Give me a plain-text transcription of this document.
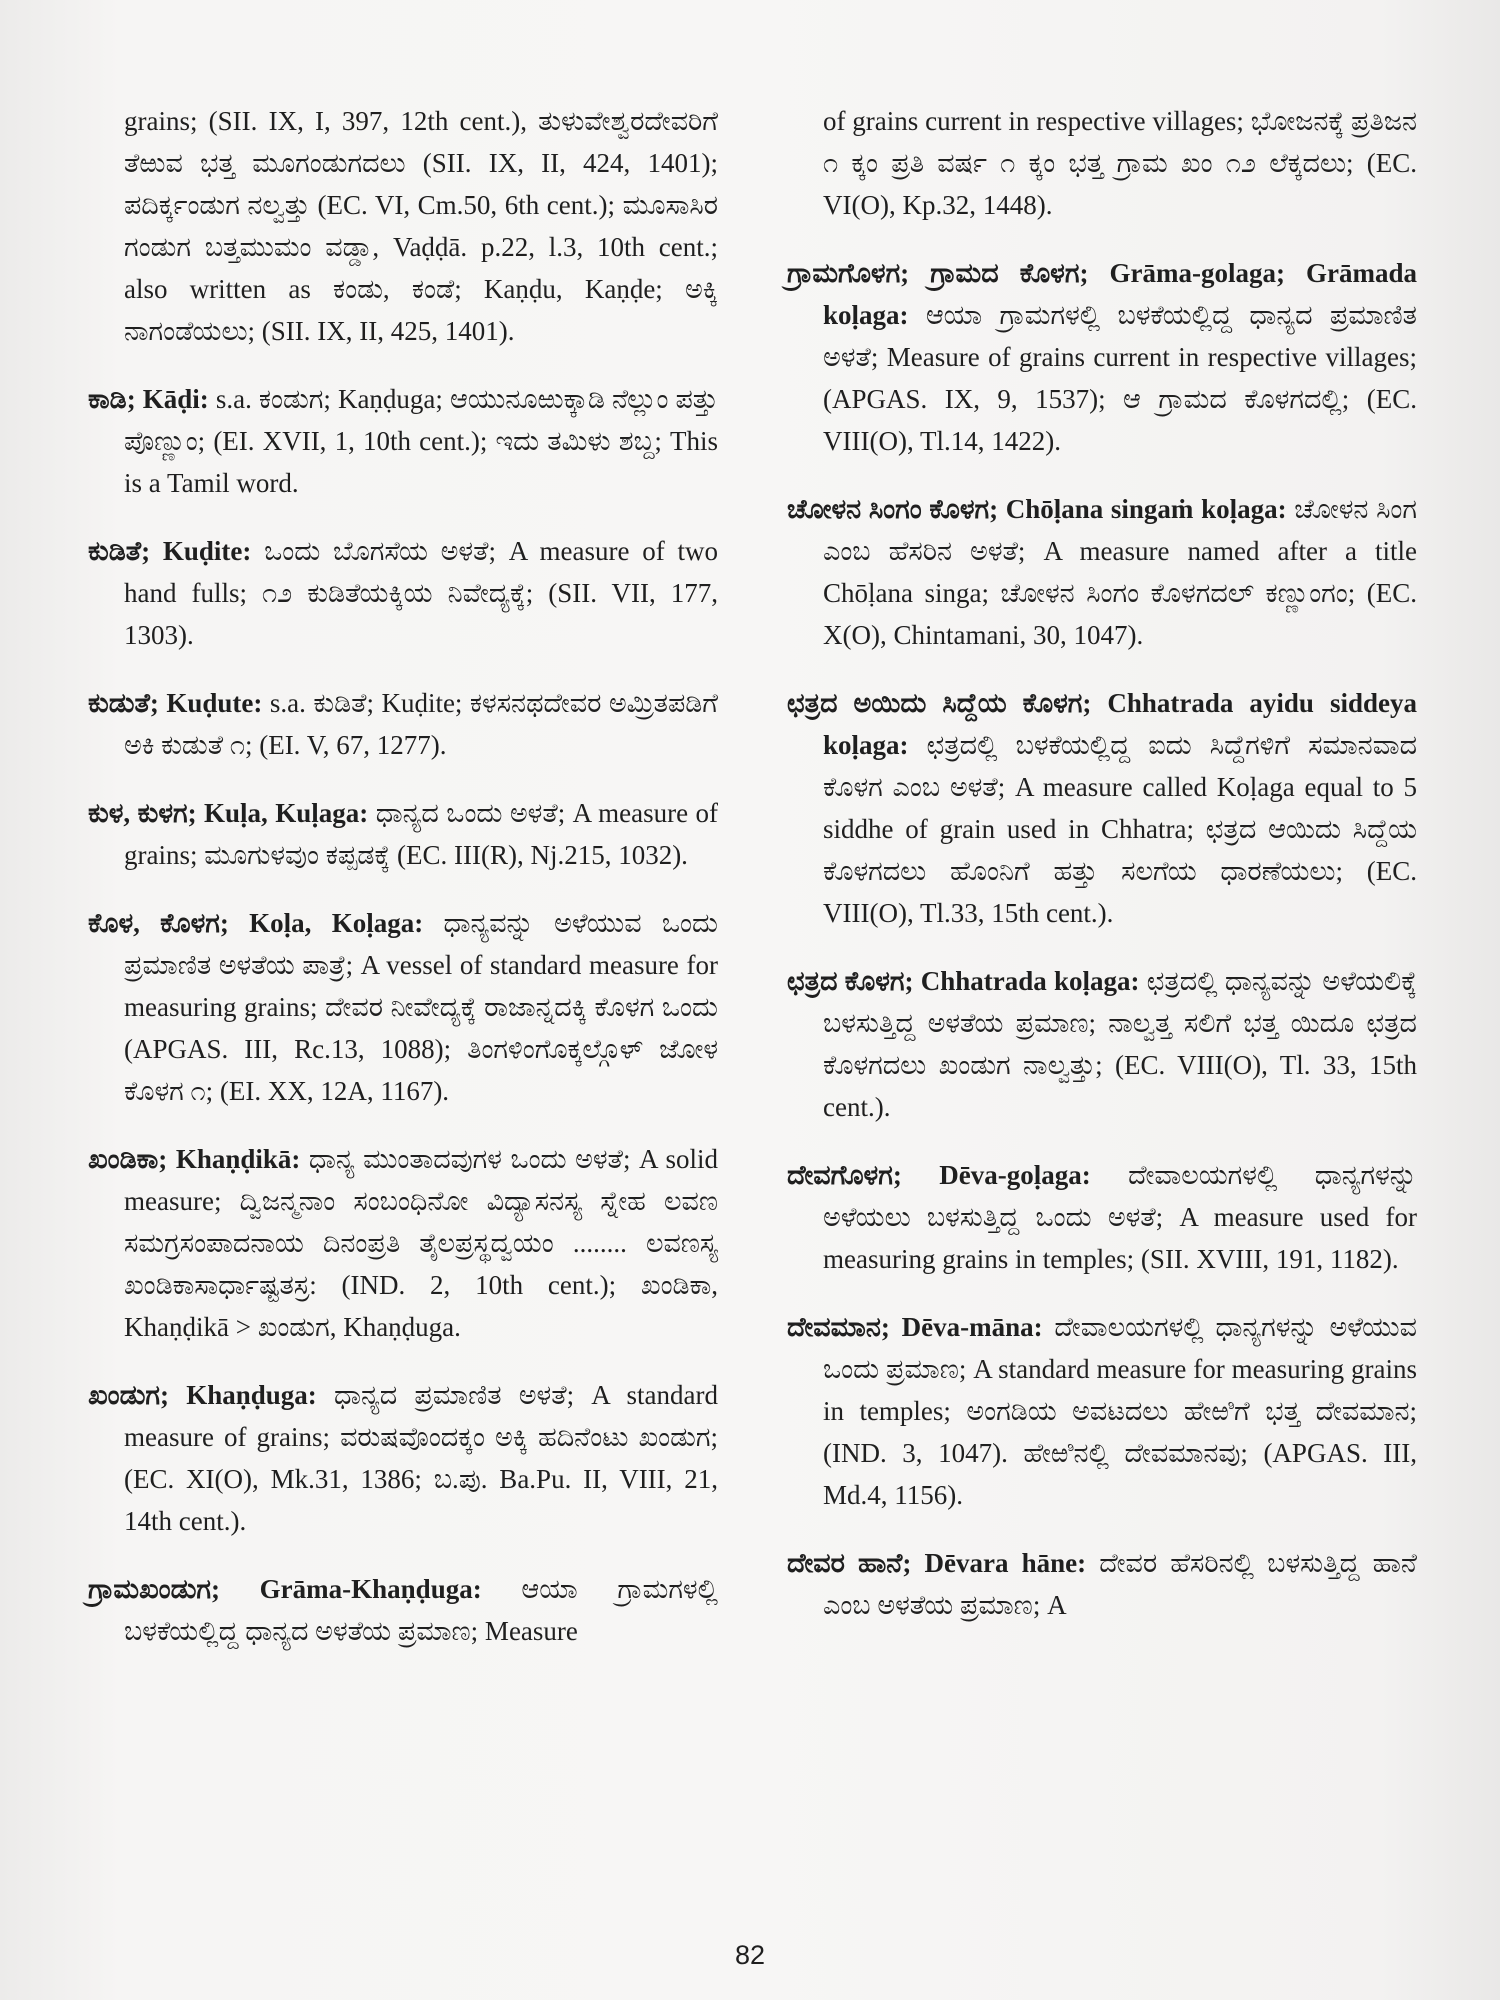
grains; (SII. IX, I, 397, 12th cent.), ತುಳುವೇಶ್ವರದೇವರಿಗೆ ತೆಱುವ ಭತ್ತ ಮೂಗಂಡುಗದಲು (SII. IX, II, 424, 1401); ಪದಿರ್ಕ್ಕಂಡುಗ ನಲ್ವತ್ತು (EC. VI, Cm.50, 6th cent.); ಮೂಸಾಸಿರ ಗಂಡುಗ ಬತ್ತಮುಮಂ ವಡ್ಡಾ, Vaḍḍā. p.22, l.3, 10th cent.; also written as ಕಂಡು, ಕಂಡೆ; Kaṇḍu, Kaṇḍe; ಅಕ್ಕಿ ನಾಗಂಡೆಯಲು; (SII. IX, II, 425, 1401).

ಕಾಡಿ; Kāḍi: s.a. ಕಂಡುಗ; Kaṇḍuga; ಆಯುನೂಱುಕ್ಕಾಡಿ ನೆಲ್ಲುಂ ಪತ್ತು ಪೊಣ್ಣುಂ; (EI. XVII, 1, 10th cent.); ಇದು ತಮಿಳು ಶಬ್ದ; This is a Tamil word.

ಕುಡಿತೆ; Kuḍite: ಒಂದು ಬೊಗಸೆಯ ಅಳತೆ; A measure of two hand fulls; ೧೨ ಕುಡಿತೆಯಕ್ಕಿಯ ನಿವೇದ್ಯಕ್ಕೆ; (SII. VII, 177, 1303).

ಕುಡುತೆ; Kuḍute: s.a. ಕುಡಿತೆ; Kuḍite; ಕಳಸನಥದೇವರ ಅಮ್ರಿತಪಡಿಗೆ ಅಕಿ ಕುಡುತೆ ೧; (EI. V, 67, 1277).

ಕುಳ, ಕುಳಗ; Kuḷa, Kuḷaga: ಧಾನ್ಯದ ಒಂದು ಅಳತೆ; A measure of grains; ಮೂಗುಳವುಂ ಕಪ್ಪಡಕ್ಕೆ (EC. III(R), Nj.215, 1032).

ಕೊಳ, ಕೊಳಗ; Koḷa, Koḷaga: ಧಾನ್ಯವನ್ನು ಅಳೆಯುವ ಒಂದು ಪ್ರಮಾಣಿತ ಅಳತೆಯ ಪಾತ್ರೆ; A vessel of standard measure for measuring grains; ದೇವರ ನೀವೇದ್ಯಕ್ಕೆ ರಾಜಾನ್ನದಕ್ಕಿ ಕೊಳಗ ಒಂದು (APGAS. III, Rc.13, 1088); ತಿಂಗಳಿಂಗೊಕ್ಕಲ್ಗೊಳ್ ಜೋಳ ಕೊಳಗ ೧; (EI. XX, 12A, 1167).

ಖಂಡಿಕಾ; Khaṇḍikā: ಧಾನ್ಯ ಮುಂತಾದವುಗಳ ಒಂದು ಅಳತೆ; A solid measure; ದ್ವಿಜನ್ಮನಾಂ ಸಂಬಂಧಿನೋ ವಿದ್ಯಾಸನಸ್ಯ ಸ್ನೇಹ ಲವಣ ಸಮಗ್ರಸಂಪಾದನಾಯ ದಿನಂಪ್ರತಿ ತೈಲಪ್ರಸ್ಥದ್ವಯಂ ........ ಲವಣಸ್ಯ ಖಂಡಿಕಾಸಾರ್ಧಾಷ್ಟತಸ್ರ: (IND. 2, 10th cent.); ಖಂಡಿಕಾ, Khaṇḍikā > ಖಂಡುಗ, Khaṇḍuga.

ಖಂಡುಗ; Khaṇḍuga: ಧಾನ್ಯದ ಪ್ರಮಾಣಿತ ಅಳತೆ; A standard measure of grains; ವರುಷವೊಂದಕ್ಕಂ ಅಕ್ಕಿ ಹದಿನೆಂಟು ಖಂಡುಗ; (EC. XI(O), Mk.31, 1386; ಬ.ಪು. Ba.Pu. II, VIII, 21, 14th cent.).

ಗ್ರಾಮಖಂಡುಗ; Grāma-Khaṇḍuga: ಆಯಾ ಗ್ರಾಮಗಳಲ್ಲಿ ಬಳಕೆಯಲ್ಲಿದ್ದ ಧಾನ್ಯದ ಅಳತೆಯ ಪ್ರಮಾಣ; Measure

of grains current in respective villages; ಭೋಜನಕ್ಕೆ ಪ್ರತಿಜನ ೧ ಕ್ಕಂ ಪ್ರತಿ ವರ್ಷ ೧ ಕ್ಕಂ ಭತ್ತ ಗ್ರಾಮ ಖಂ ೧೨ ಲೆಕ್ಕದಲು; (EC. VI(O), Kp.32, 1448).

ಗ್ರಾಮಗೊಳಗ; ಗ್ರಾಮದ ಕೊಳಗ; Grāma-golaga; Grāmada koḷaga: ಆಯಾ ಗ್ರಾಮಗಳಲ್ಲಿ ಬಳಕೆಯಲ್ಲಿದ್ದ ಧಾನ್ಯದ ಪ್ರಮಾಣಿತ ಅಳತೆ; Measure of grains current in respective villages; (APGAS. IX, 9, 1537); ಆ ಗ್ರಾಮದ ಕೊಳಗದಲ್ಲಿ; (EC. VIII(O), Tl.14, 1422).

ಚೋಳನ ಸಿಂಗಂ ಕೊಳಗ; Chōḷana singaṁ koḷaga: ಚೋಳನ ಸಿಂಗ ಎಂಬ ಹೆಸರಿನ ಅಳತೆ; A measure named after a title Chōḷana singa; ಚೋಳನ ಸಿಂಗಂ ಕೊಳಗದಲ್ ಕಣ್ಣುಂಗಂ; (EC. X(O), Chintamani, 30, 1047).

ಛತ್ರದ ಅಯಿದು ಸಿದ್ದೆಯ ಕೊಳಗ; Chhatrada ayidu siddeya koḷaga: ಛತ್ರದಲ್ಲಿ ಬಳಕೆಯಲ್ಲಿದ್ದ ಐದು ಸಿದ್ದೆಗಳಿಗೆ ಸಮಾನವಾದ ಕೊಳಗ ಎಂಬ ಅಳತೆ; A measure called Koḷaga equal to 5 siddhe of grain used in Chhatra; ಛತ್ರದ ಆಯಿದು ಸಿದ್ದೆಯ ಕೊಳಗದಲು ಹೊಂನಿಗೆ ಹತ್ತು ಸಲಗೆಯ ಧಾರಣೆಯಲು; (EC. VIII(O), Tl.33, 15th cent.).

ಛತ್ರದ ಕೊಳಗ; Chhatrada koḷaga: ಛತ್ರದಲ್ಲಿ ಧಾನ್ಯವನ್ನು ಅಳೆಯಲಿಕ್ಕೆ ಬಳಸುತ್ತಿದ್ದ ಅಳತೆಯ ಪ್ರಮಾಣ; ನಾಲ್ವತ್ತ ಸಲಿಗೆ ಭತ್ತ ಯಿದೂ ಛತ್ರದ ಕೊಳಗದಲು ಖಂಡುಗ ನಾಲ್ವತ್ತು; (EC. VIII(O), Tl. 33, 15th cent.).

ದೇವಗೊಳಗ; Dēva-goḷaga: ದೇವಾಲಯಗಳಲ್ಲಿ ಧಾನ್ಯಗಳನ್ನು ಅಳೆಯಲು ಬಳಸುತ್ತಿದ್ದ ಒಂದು ಅಳತೆ; A measure used for measuring grains in temples; (SII. XVIII, 191, 1182).

ದೇವಮಾನ; Dēva-māna: ದೇವಾಲಯಗಳಲ್ಲಿ ಧಾನ್ಯಗಳನ್ನು ಅಳೆಯುವ ಒಂದು ಪ್ರಮಾಣ; A standard measure for measuring grains in temples; ಅಂಗಡಿಯ ಅವಟದಲು ಹೇಱಿಗೆ ಭತ್ತ ದೇವಮಾನ; (IND. 3, 1047). ಹೇಱಿನಲ್ಲಿ ದೇವಮಾನವು; (APGAS. III, Md.4, 1156).

ದೇವರ ಹಾನೆ; Dēvara hāne: ದೇವರ ಹೆಸರಿನಲ್ಲಿ ಬಳಸುತ್ತಿದ್ದ ಹಾನೆ ಎಂಬ ಅಳತೆಯ ಪ್ರಮಾಣ; A

82
